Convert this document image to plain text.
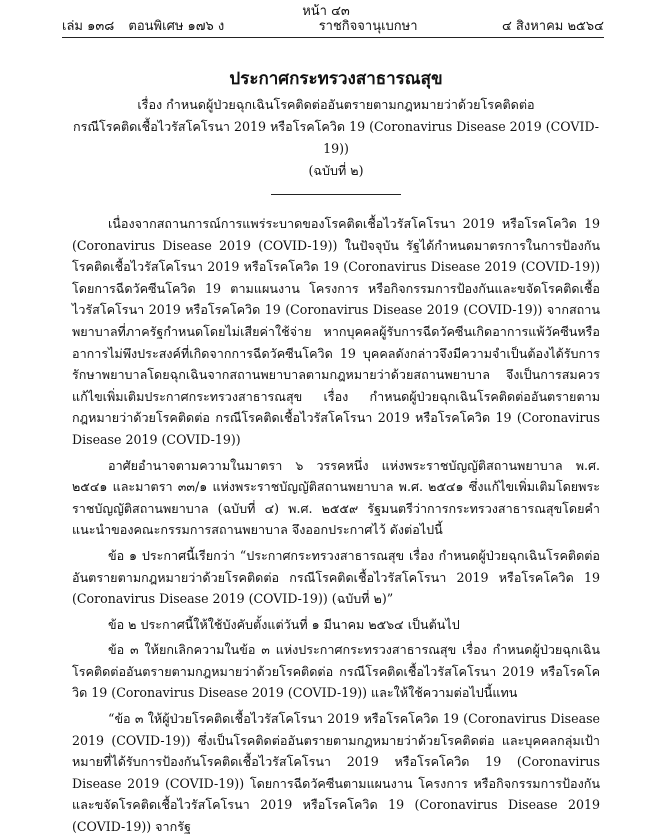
หน้า ๔๓
เล่ม ๑๓๘ ตอนพิเศษ ๑๗๖ ง	ราชกิจจานุเบกษา	๔ สิงหาคม ๒๕๖๔
ประกาศกระทรวงสาธารณสุข
เรื่อง กำหนดผู้ป่วยฉุกเฉินโรคติดต่ออันตรายตามกฎหมายว่าด้วยโรคติดต่อ
กรณีโรคติดเชื้อไวรัสโคโรนา 2019 หรือโรคโควิด 19 (Coronavirus Disease 2019 (COVID-19))
(ฉบับที่ ๒)

เนื่องจากสถานการณ์การแพร่ระบาดของโรคติดเชื้อไวรัสโคโรนา 2019 หรือโรคโควิด 19 (Coronavirus Disease 2019 (COVID-19)) ในปัจจุบัน รัฐได้กำหนดมาตรการในการป้องกันโรคติดเชื้อไวรัสโคโรนา 2019 หรือโรคโควิด 19 (Coronavirus Disease 2019 (COVID-19)) โดยการฉีดวัคซีนโควิด 19 ตามแผนงาน โครงการ หรือกิจกรรมการป้องกันและขจัดโรคติดเชื้อไวรัสโคโรนา 2019 หรือโรคโควิด 19 (Coronavirus Disease 2019 (COVID-19)) จากสถานพยาบาลที่ภาครัฐกำหนดโดยไม่เสียค่าใช้จ่าย หากบุคคลผู้รับการฉีดวัคซีนเกิดอาการแพ้วัคซีนหรืออาการไม่พึงประสงค์ที่เกิดจากการฉีดวัคซีนโควิด 19 บุคคลดังกล่าวจึงมีความจำเป็นต้องได้รับการรักษาพยาบาลโดยฉุกเฉินจากสถานพยาบาลตามกฎหมายว่าด้วยสถานพยาบาล จึงเป็นการสมควรแก้ไขเพิ่มเติมประกาศกระทรวงสาธารณสุข เรื่อง กำหนดผู้ป่วยฉุกเฉินโรคติดต่ออันตรายตามกฎหมายว่าด้วยโรคติดต่อ กรณีโรคติดเชื้อไวรัสโคโรนา 2019 หรือโรคโควิด 19 (Coronavirus Disease 2019 (COVID-19))

อาศัยอำนาจตามความในมาตรา ๖ วรรคหนึ่ง แห่งพระราชบัญญัติสถานพยาบาล พ.ศ. ๒๕๔๑ และมาตรา ๓๓/๑ แห่งพระราชบัญญัติสถานพยาบาล พ.ศ. ๒๕๔๑ ซึ่งแก้ไขเพิ่มเติมโดยพระราชบัญญัติสถานพยาบาล (ฉบับที่ ๔) พ.ศ. ๒๕๕๙ รัฐมนตรีว่าการกระทรวงสาธารณสุขโดยคำแนะนำของคณะกรรมการสถานพยาบาล จึงออกประกาศไว้ ดังต่อไปนี้

ข้อ ๑ ประกาศนี้เรียกว่า “ประกาศกระทรวงสาธารณสุข เรื่อง กำหนดผู้ป่วยฉุกเฉินโรคติดต่ออันตรายตามกฎหมายว่าด้วยโรคติดต่อ กรณีโรคติดเชื้อไวรัสโคโรนา 2019 หรือโรคโควิด 19 (Coronavirus Disease 2019 (COVID-19)) (ฉบับที่ ๒)”

ข้อ ๒ ประกาศนี้ให้ใช้บังคับตั้งแต่วันที่ ๑ มีนาคม ๒๕๖๔ เป็นต้นไป

ข้อ ๓ ให้ยกเลิกความในข้อ ๓ แห่งประกาศกระทรวงสาธารณสุข เรื่อง กำหนดผู้ป่วยฉุกเฉินโรคติดต่ออันตรายตามกฎหมายว่าด้วยโรคติดต่อ กรณีโรคติดเชื้อไวรัสโคโรนา 2019 หรือโรคโควิด 19 (Coronavirus Disease 2019 (COVID-19)) และให้ใช้ความต่อไปนี้แทน

“ข้อ ๓ ให้ผู้ป่วยโรคติดเชื้อไวรัสโคโรนา 2019 หรือโรคโควิด 19 (Coronavirus Disease 2019 (COVID-19)) ซึ่งเป็นโรคติดต่ออันตรายตามกฎหมายว่าด้วยโรคติดต่อ และบุคคลกลุ่มเป้าหมายที่ได้รับการป้องกันโรคติดเชื้อไวรัสโคโรนา 2019 หรือโรคโควิด 19 (Coronavirus Disease 2019 (COVID-19)) โดยการฉีดวัคซีนตามแผนงาน โครงการ หรือกิจกรรมการป้องกันและขจัดโรคติดเชื้อไวรัสโคโรนา 2019 หรือโรคโควิด 19 (Coronavirus Disease 2019 (COVID-19)) จากรัฐ
